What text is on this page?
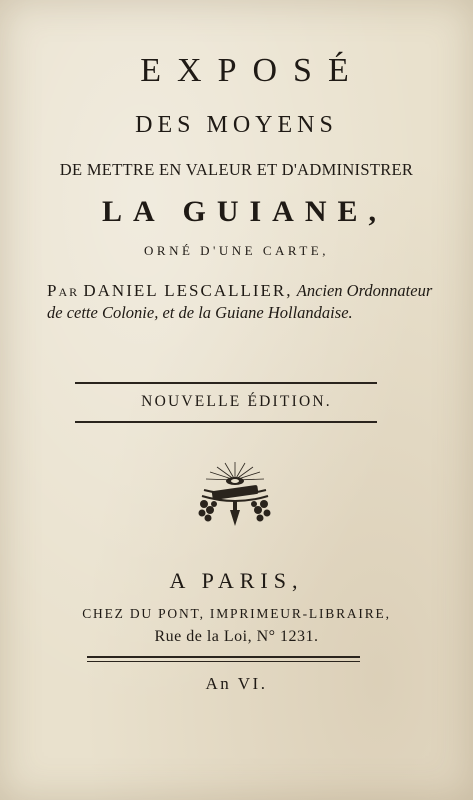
EXPOSÉ
DES MOYENS
DE METTRE EN VALEUR ET D'ADMINISTRER
LA GUIANE,
ORNÉ D'UNE CARTE,
Par DANIEL LESCALLIER, Ancien Ordonnateur de cette Colonie, et de la Guiane Hollandaise.
NOUVELLE ÉDITION.
A PARIS,
CHEZ DU PONT, IMPRIMEUR-LIBRAIRE,
Rue de la Loi, N° 1231.
An VI.
